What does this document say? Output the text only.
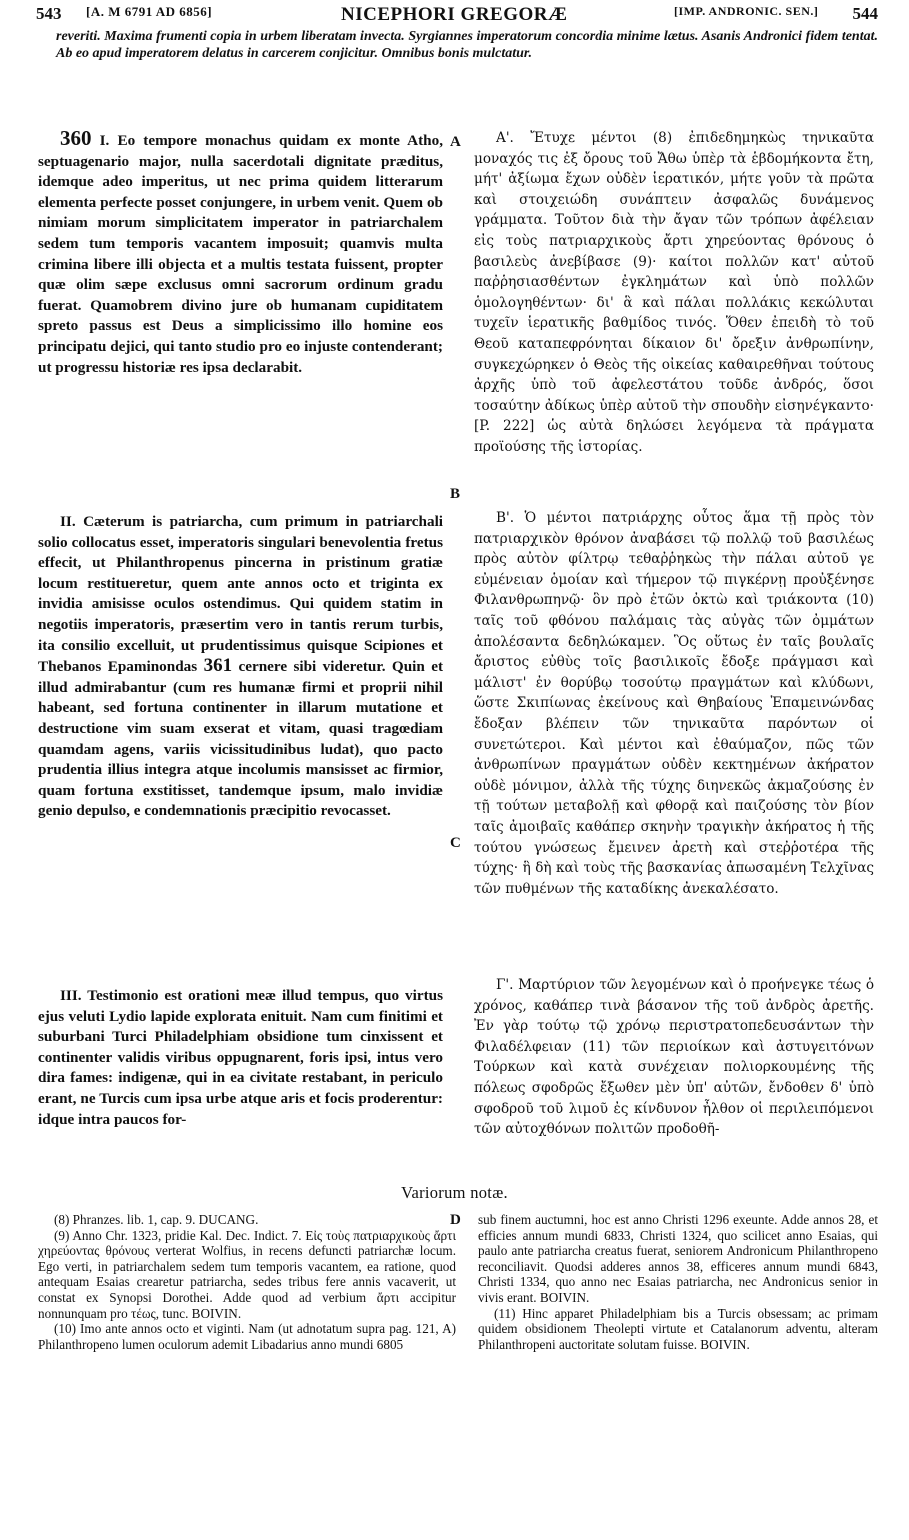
543 [A. M 6791 AD 6856]	NICEPHORI GREGORÆ	[IMP. ANDRONIC. SEN.] 544

reveriti. Maxima frumenti copia in urbem liberatam invecta. Syrgiannes imperatorum concordia minime lætus. Asanis Andronici fidem tentat. Ab eo apud imperatorem delatus in carcerem conjicitur. Omnibus bonis mulctatur.

360 I. Eo tempore monachus quidam ex monte Atho, septuagenario major, nulla sacerdotali dignitate præditus, idemque adeo imperitus, ut nec prima quidem litterarum elementa perfecte posset conjungere, in urbem venit. Quem ob nimiam morum simplicitatem imperator in patriarchalem sedem tum temporis vacantem imposuit; quamvis multa crimina libere illi objecta et a multis testata fuissent, propter quæ olim sæpe exclusus omni sacrorum ordinum gradu fuerat. Quamobrem divino jure ob humanam cupiditatem spreto passus est Deus a simplicissimo illo homine eos principatu dejici, qui tanto studio pro eo injuste contenderant; ut progressu historiæ res ipsa declarabit.

II. Cæterum is patriarcha, cum primum in patriarchali solio collocatus esset, imperatoris singulari benevolentia fretus effecit, ut Philanthropenus pincerna in pristinum gratiæ locum restitueretur, quem ante annos octo et triginta ex invidia amisisse oculos ostendimus. Qui quidem statim in negotiis imperatoris, præsertim vero in tantis rerum turbis, ita consilio excelluit, ut prudentissimus quisque Scipiones et Thebanos Epaminondas 361 cernere sibi videretur. Quin et illud admirabantur (cum res humanæ firmi et proprii nihil habeant, sed fortuna continenter in illarum mutatione et destructione vim suam exserat et vitam, quasi tragœdiam quamdam agens, variis vicissitudinibus ludat), quo pacto prudentia illius integra atque incolumis mansisset ac firmior, quam fortuna exstitisset, tandemque ipsum, malo invidiæ genio depulso, e condemnationis præcipitio revocasset.

III. Testimonio est orationi meæ illud tempus, quo virtus ejus veluti Lydio lapide explorata enituit. Nam cum finitimi et suburbani Turci Philadelphiam obsidione tum cinxissent et continenter validis viribus oppugnarent, foris ipsi, intus vero dira fames: indigenæ, qui in ea civitate restabant, in periculo erant, ne Turcis cum ipsa urbe atque aris et focis proderentur: idque intra paucos for-

A
B
C
D

Α'. Ἔτυχε μέντοι (8) ἐπιδεδημηκὼς τηνικαῦτα μοναχός τις ἐξ ὄρους τοῦ Ἄθω ὑπὲρ τὰ ἑβδομήκοντα ἔτη, μήτ' ἀξίωμα ἔχων οὐδὲν ἱερατικόν, μήτε γοῦν τὰ πρῶτα καὶ στοιχειώδη συνάπτειν ἀσφαλῶς δυνάμενος γράμματα. Τοῦτον διὰ τὴν ἄγαν τῶν τρόπων ἀφέλειαν εἰς τοὺς πατριαρχικοὺς ἄρτι χηρεύοντας θρόνους ὁ βασιλεὺς ἀνεβίβασε (9)· καίτοι πολλῶν κατ' αὐτοῦ παῤῥησιασθέντων ἐγκλημάτων καὶ ὑπὸ πολλῶν ὁμολογηθέντων· δι' ἃ καὶ πάλαι πολλάκις κεκώλυται τυχεῖν ἱερατικῆς βαθμίδος τινός. Ὅθεν ἐπειδὴ τὸ τοῦ Θεοῦ καταπεφρόνηται δίκαιον δι' ὄρεξιν ἀνθρωπίνην, συγκεχώρηκεν ὁ Θεὸς τῆς οἰκείας καθαιρεθῆναι τούτους ἀρχῆς ὑπὸ τοῦ ἀφελεστάτου τοῦδε ἀνδρός, ὅσοι τοσαύτην ἀδίκως ὑπὲρ αὐτοῦ τὴν σπουδὴν εἰσηνέγκαντο· [P. 222] ὡς αὐτὰ δηλώσει λεγόμενα τὰ πράγματα προϊούσης τῆς ἱστορίας.

Β'. Ὁ μέντοι πατριάρχης οὗτος ἅμα τῇ πρὸς τὸν πατριαρχικὸν θρόνον ἀναβάσει τῷ πολλῷ τοῦ βασιλέως πρὸς αὐτὸν φίλτρῳ τεθαῤῥηκὼς τὴν πάλαι αὐτοῦ γε εὐμένειαν ὁμοίαν καὶ τήμερον τῷ πιγκέρνῃ προὐξένησε Φιλανθρωπηνῷ· ὃν πρὸ ἐτῶν ὀκτὼ καὶ τριάκοντα (10) ταῖς τοῦ φθόνου παλάμαις τὰς αὐγὰς τῶν ὀμμάτων ἀπολέσαντα δεδηλώκαμεν. Ὃς οὕτως ἐν ταῖς βουλαῖς ἄριστος εὐθὺς τοῖς βασιλικοῖς ἔδοξε πράγμασι καὶ μάλιστ' ἐν θορύβῳ τοσούτῳ πραγμάτων καὶ κλύδωνι, ὥστε Σκιπίωνας ἐκείνους καὶ Θηβαίους Ἐπαμεινώνδας ἔδοξαν βλέπειν τῶν τηνικαῦτα παρόντων οἱ συνετώτεροι. Καὶ μέντοι καὶ ἐθαύμαζον, πῶς τῶν ἀνθρωπίνων πραγμάτων οὐδὲν κεκτημένων ἀκήρατον οὐδὲ μόνιμον, ἀλλὰ τῆς τύχης διηνεκῶς ἀκμαζούσης ἐν τῇ τούτων μεταβολῇ καὶ φθορᾷ καὶ παιζούσης τὸν βίον ταῖς ἀμοιβαῖς καθάπερ σκηνὴν τραγικὴν ἀκήρατος ἡ τῆς τούτου γνώσεως ἔμεινεν ἀρετὴ καὶ στεῤῥοτέρα τῆς τύχης· ἣ δὴ καὶ τοὺς τῆς βασκανίας ἀπωσαμένη Τελχῖνας τῶν πυθμένων τῆς καταδίκης ἀνεκαλέσατο.

Γ'. Μαρτύριον τῶν λεγομένων καὶ ὁ προήνεγκε τέως ὁ χρόνος, καθάπερ τινὰ βάσανον τῆς τοῦ ἀνδρὸς ἀρετῆς. Ἐν γὰρ τούτῳ τῷ χρόνῳ περιστρατοπεδευσάντων τὴν Φιλαδέλφειαν (11) τῶν περιοίκων καὶ ἀστυγειτόνων Τούρκων καὶ κατὰ συνέχειαν πολιορκουμένης τῆς πόλεως σφοδρῶς ἔξωθεν μὲν ὑπ' αὐτῶν, ἔνδοθεν δ' ὑπὸ σφοδροῦ τοῦ λιμοῦ ἐς κίνδυνον ἦλθον οἱ περιλειπόμενοι τῶν αὐτοχθόνων πολιτῶν προδοθῆ-

Variorum notæ.

(8) Phranzes. lib. 1, cap. 9. DUCANG.

(9) Anno Chr. 1323, pridie Kal. Dec. Indict. 7. Εἰς τοὺς πατριαρχικοὺς ἄρτι χηρεύοντας θρόνους verterat Wolfius, in recens defuncti patriarchæ locum. Ego verti, in patriarchalem sedem tum temporis vacantem, ea ratione, quod antequam Esaias crearetur patriarcha, sedes tribus fere annis vacaverit, ut constat ex Synopsi Dorothei. Adde quod ad verbium ἄρτι accipitur nonnunquam pro τέως, tunc. BOIVIN.

(10) Imo ante annos octo et viginti. Nam (ut adnotatum supra pag. 121, A) Philanthropeno lumen oculorum ademit Libadarius anno mundi 6805

sub finem auctumni, hoc est anno Christi 1296 exeunte. Adde annos 28, et efficies annum mundi 6833, Christi 1324, quo scilicet anno Esaias, qui paulo ante patriarcha creatus fuerat, seniorem Andronicum Philanthropeno reconciliavit. Quodsi adderes annos 38, efficeres annum mundi 6843, Christi 1334, quo anno nec Esaias patriarcha, nec Andronicus senior in vivis erant. BOIVIN.

(11) Hinc apparet Philadelphiam bis a Turcis obsessam; ac primam quidem obsidionem Theolepti virtute et Catalanorum adventu, alteram Philanthropeni auctoritate solutam fuisse. BOIVIN.
